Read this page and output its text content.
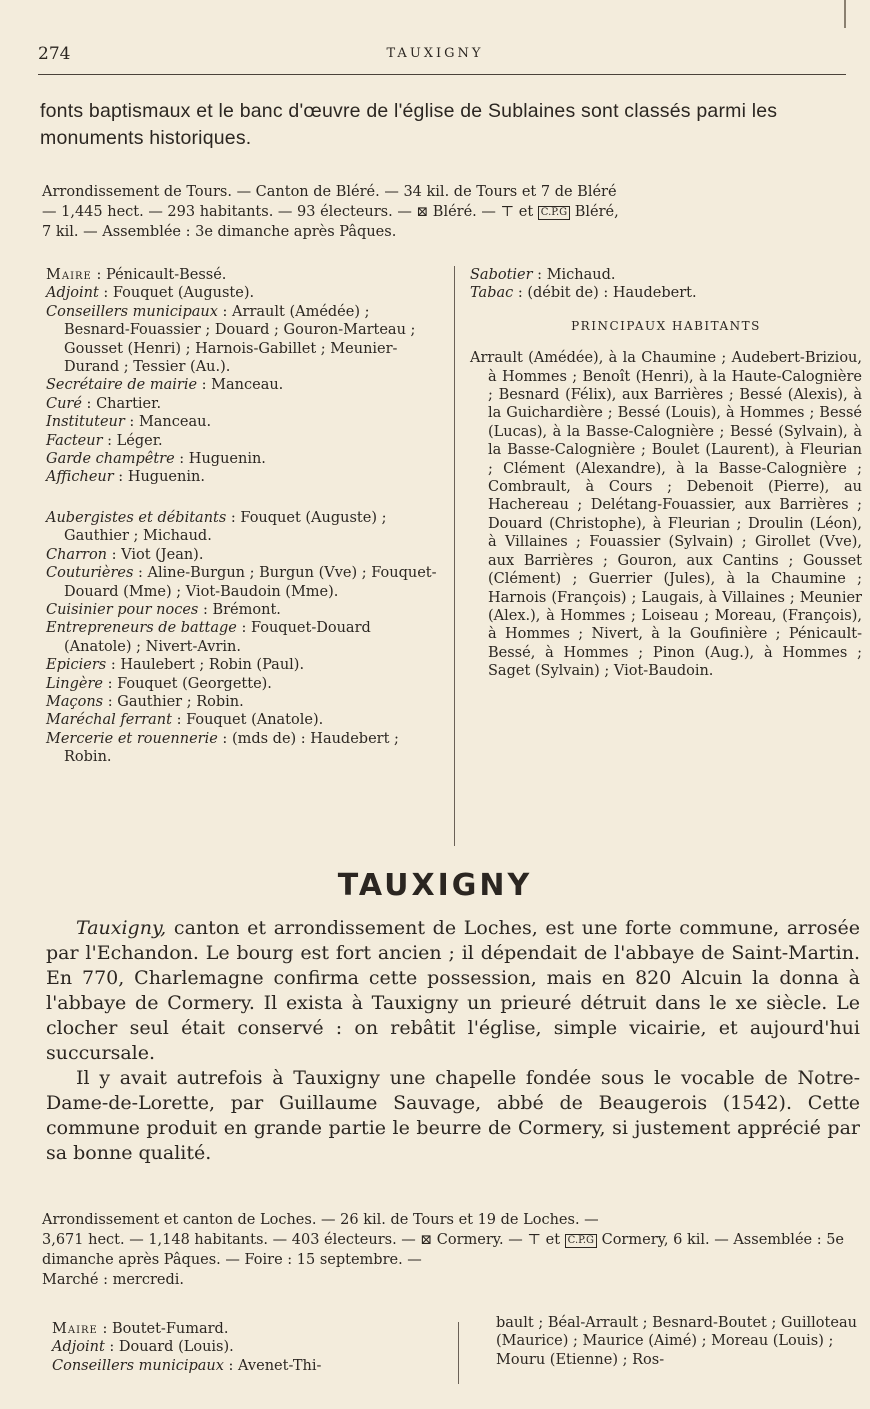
274	TAUXIGNY
fonts baptismaux et le banc d'œuvre de l'église de Sublaines sont classés parmi les monuments historiques.
Arrondissement de Tours. — Canton de Bléré. — 34 kil. de Tours et 7 de Bléré
— 1,445 hect. — 293 habitants. — 93 électeurs. — ⊠ Bléré. — ⊤ et C.P.G Bléré,
7 kil. — Assemblée : 3e dimanche après Pâques.

Maire : Pénicault-Bessé.

Adjoint : Fouquet (Auguste).

Conseillers municipaux : Arrault (Amédée) ; Besnard-Fouassier ; Douard ; Gouron-Marteau ; Gousset (Henri) ; Harnois-Gabillet ; Meunier-Durand ; Tessier (Au.).

Secrétaire de mairie : Manceau.

Curé : Chartier.

Instituteur : Manceau.

Facteur : Léger.

Garde champêtre : Huguenin.

Afficheur : Huguenin.

Aubergistes et débitants : Fouquet (Auguste) ; Gauthier ; Michaud.

Charron : Viot (Jean).

Couturières : Aline-Burgun ; Burgun (Vve) ; Fouquet-Douard (Mme) ; Viot-Baudoin (Mme).

Cuisinier pour noces : Brémont.

Entrepreneurs de battage : Fouquet-Douard (Anatole) ; Nivert-Avrin.

Epiciers : Haulebert ; Robin (Paul).

Lingère : Fouquet (Georgette).

Maçons : Gauthier ; Robin.

Maréchal ferrant : Fouquet (Anatole).

Mercerie et rouennerie : (mds de) : Haudebert ; Robin.

Sabotier : Michaud.

Tabac : (débit de) : Haudebert.

PRINCIPAUX HABITANTS

Arrault (Amédée), à la Chaumine ; Audebert-Briziou, à Hommes ; Benoît (Henri), à la Haute-Calognière ; Besnard (Félix), aux Barrières ; Bessé (Alexis), à la Guichardière ; Bessé (Louis), à Hommes ; Bessé (Lucas), à la Basse-Calognière ; Bessé (Sylvain), à la Basse-Calognière ; Boulet (Laurent), à Fleurian ; Clément (Alexandre), à la Basse-Calognière ; Combrault, à Cours ; Debenoit (Pierre), au Hachereau ; Delétang-Fouassier, aux Barrières ; Douard (Christophe), à Fleurian ; Droulin (Léon), à Villaines ; Fouassier (Sylvain) ; Girollet (Vve), aux Barrières ; Gouron, aux Cantins ; Gousset (Clément) ; Guerrier (Jules), à la Chaumine ; Harnois (François) ; Laugais, à Villaines ; Meunier (Alex.), à Hommes ; Loiseau ; Moreau, (François), à Hommes ; Nivert, à la Goufinière ; Pénicault-Bessé, à Hommes ; Pinon (Aug.), à Hommes ; Saget (Sylvain) ; Viot-Baudoin.

TAUXIGNY

Tauxigny, canton et arrondissement de Loches, est une forte commune, arrosée par l'Echandon. Le bourg est fort ancien ; il dépendait de l'abbaye de Saint-Martin. En 770, Charlemagne confirma cette possession, mais en 820 Alcuin la donna à l'abbaye de Cormery. Il exista à Tauxigny un prieuré détruit dans le xe siècle. Le clocher seul était conservé : on rebâtit l'église, simple vicairie, et aujourd'hui succursale.

Il y avait autrefois à Tauxigny une chapelle fondée sous le vocable de Notre-Dame-de-Lorette, par Guillaume Sauvage, abbé de Beaugerois (1542). Cette commune produit en grande partie le beurre de Cormery, si justement apprécié par sa bonne qualité.

Arrondissement et canton de Loches. — 26 kil. de Tours et 19 de Loches. —
3,671 hect. — 1,148 habitants. — 403 électeurs. — ⊠ Cormery. — ⊤ et C.P.G Cormery, 6 kil. — Assemblée : 5e dimanche après Pâques. — Foire : 15 septembre. —
Marché : mercredi.

Maire : Boutet-Fumard.

Adjoint : Douard (Louis).

Conseillers municipaux : Avenet-Thi-

bault ; Béal-Arrault ; Besnard-Boutet ; Guilloteau (Maurice) ; Maurice (Aimé) ; Moreau (Louis) ; Mouru (Etienne) ; Ros-
